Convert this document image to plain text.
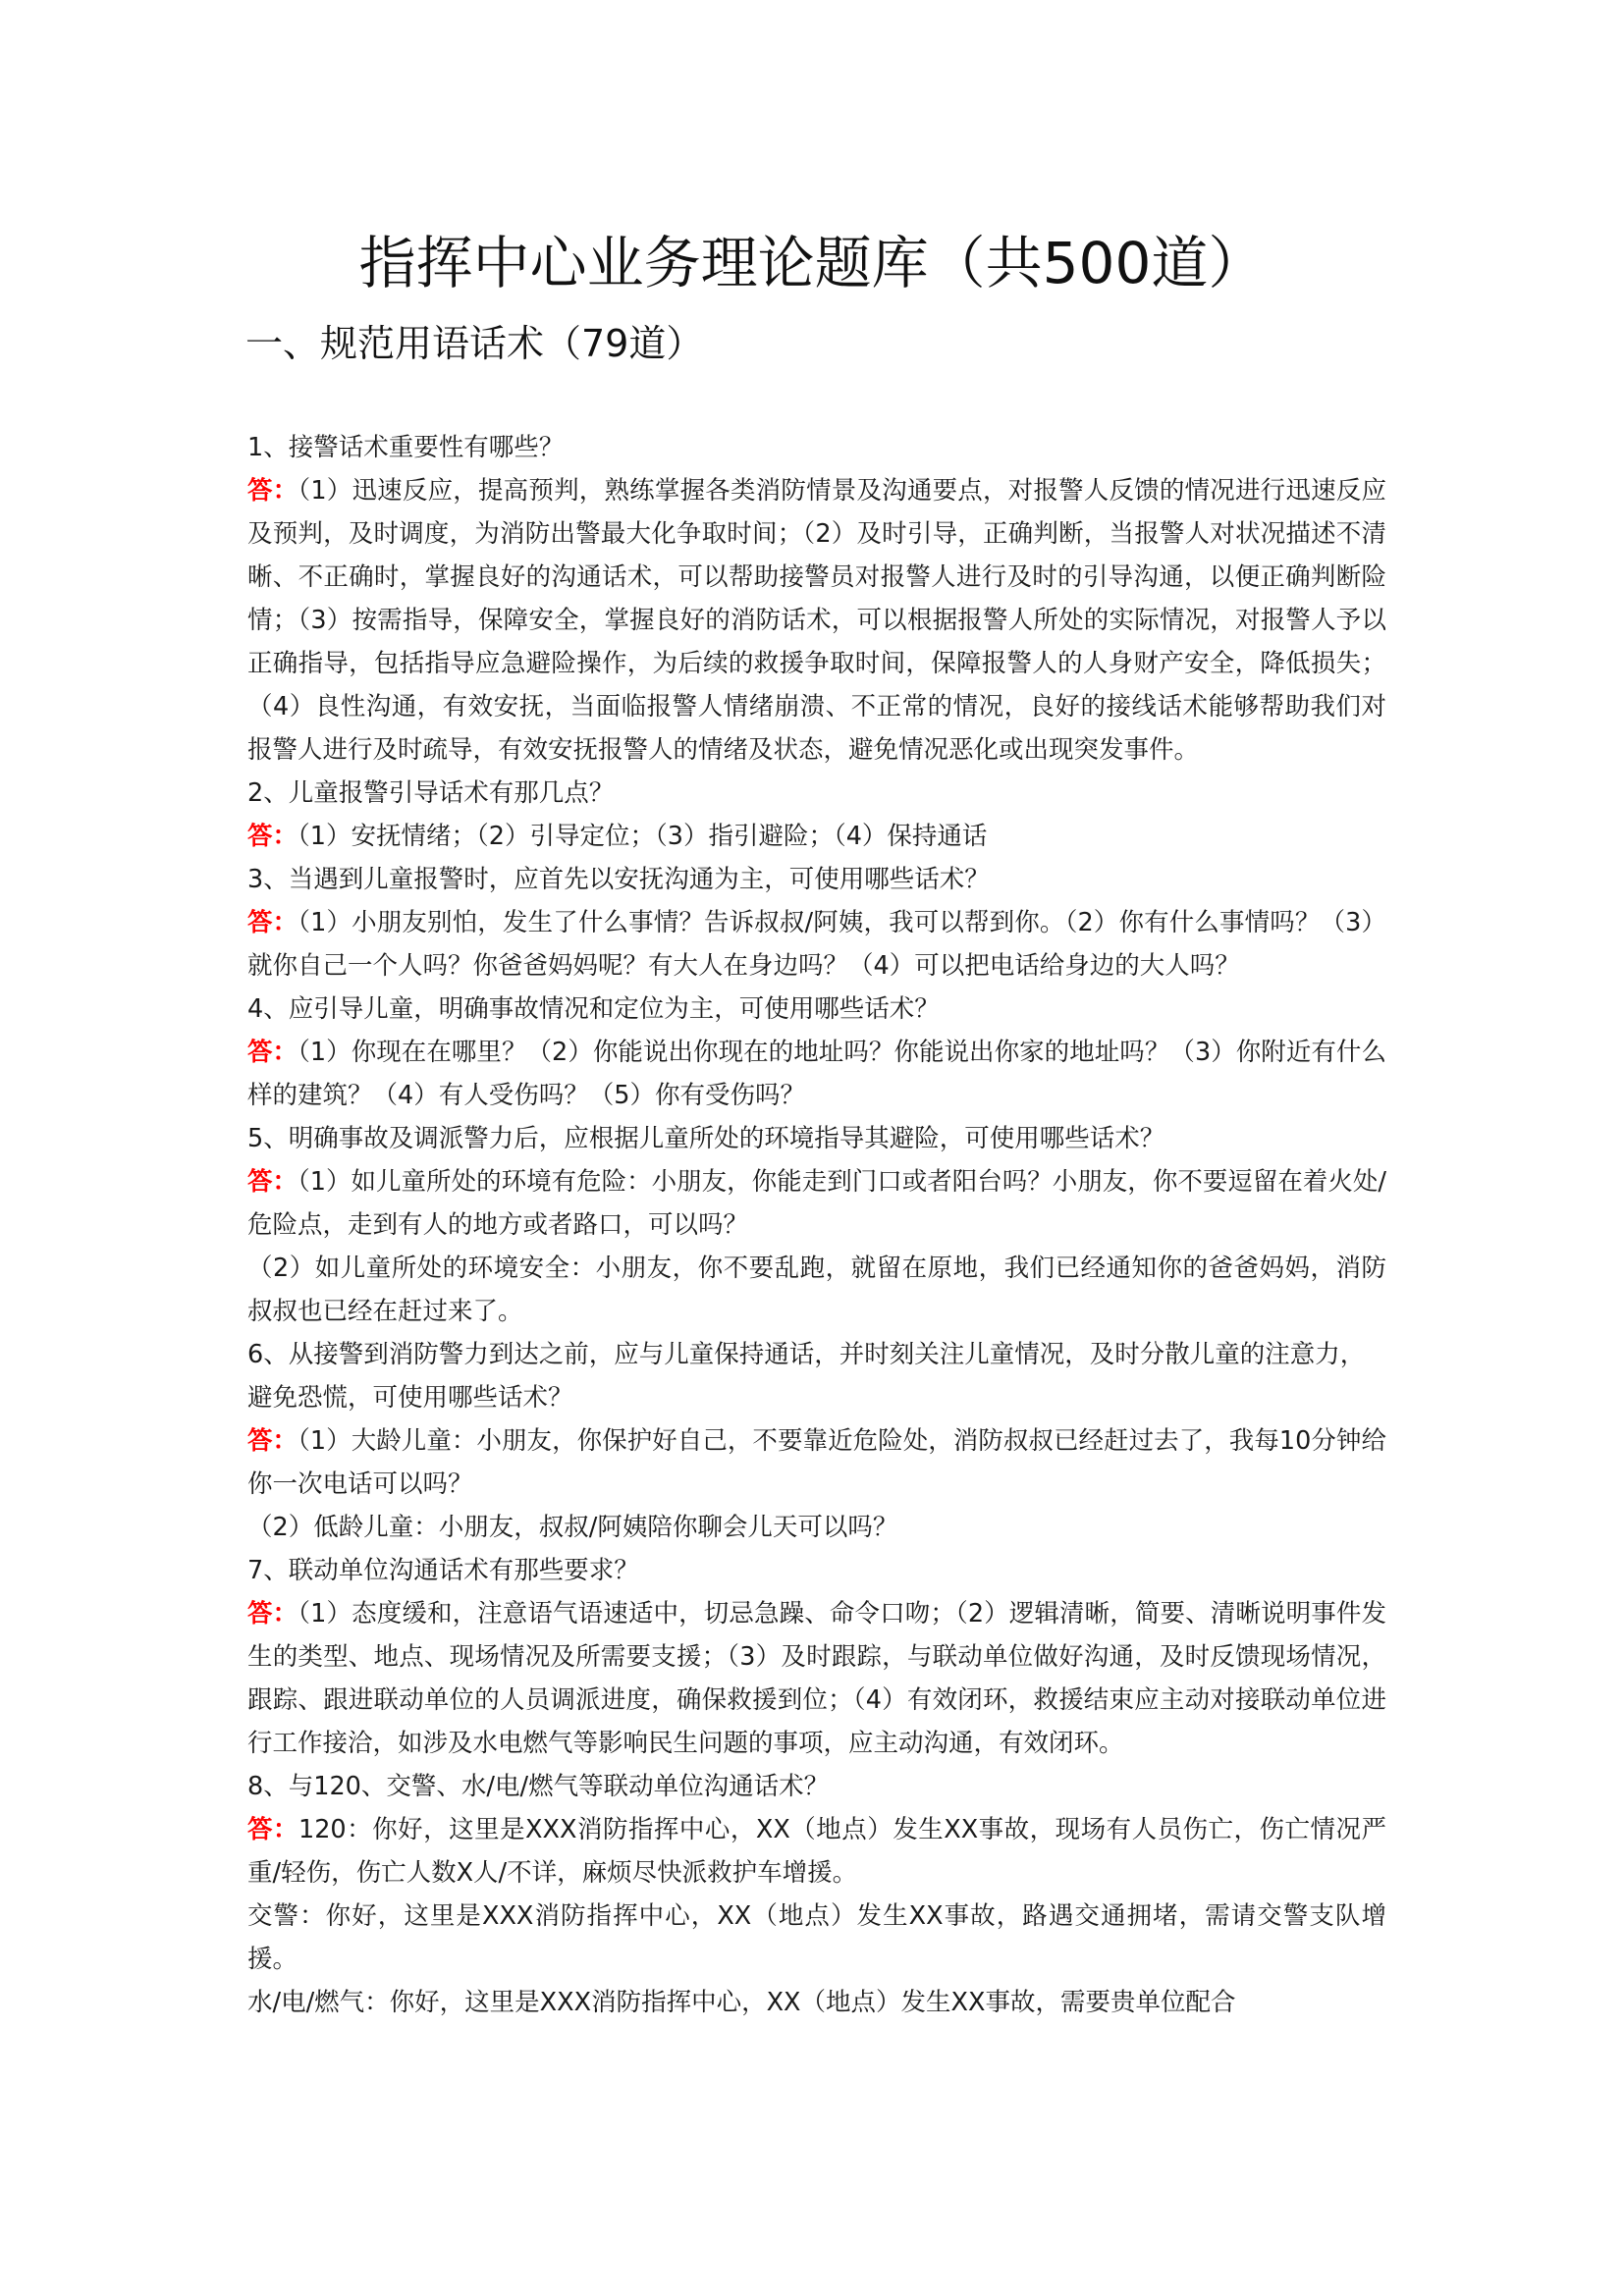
指挥中心业务理论题库（共500道）
一、规范用语话术（79道）
1、接警话术重要性有哪些？
答：（1）迅速反应，提高预判，熟练掌握各类消防情景及沟通要点，对报警人反馈的情况进行迅速反应及预判，及时调度，为消防出警最大化争取时间；（2）及时引导，正确判断，当报警人对状况描述不清晰、不正确时，掌握良好的沟通话术，可以帮助接警员对报警人进行及时的引导沟通，以便正确判断险情；（3）按需指导，保障安全，掌握良好的消防话术，可以根据报警人所处的实际情况，对报警人予以正确指导，包括指导应急避险操作，为后续的救援争取时间，保障报警人的人身财产安全，降低损失；（4）良性沟通，有效安抚，当面临报警人情绪崩溃、不正常的情况，良好的接线话术能够帮助我们对报警人进行及时疏导，有效安抚报警人的情绪及状态，避免情况恶化或出现突发事件。
2、儿童报警引导话术有那几点？
答：（1）安抚情绪；（2）引导定位；（3）指引避险；（4）保持通话
3、当遇到儿童报警时，应首先以安抚沟通为主，可使用哪些话术？
答：（1）小朋友别怕，发生了什么事情？告诉叔叔/阿姨，我可以帮到你。（2）你有什么事情吗？（3）就你自己一个人吗？你爸爸妈妈呢？有大人在身边吗？（4）可以把电话给身边的大人吗？
4、应引导儿童，明确事故情况和定位为主，可使用哪些话术？
答：（1）你现在在哪里？（2）你能说出你现在的地址吗？你能说出你家的地址吗？（3）你附近有什么样的建筑？（4）有人受伤吗？（5）你有受伤吗？
5、明确事故及调派警力后，应根据儿童所处的环境指导其避险，可使用哪些话术？
答：（1）如儿童所处的环境有危险：小朋友，你能走到门口或者阳台吗？小朋友，你不要逗留在着火处/危险点，走到有人的地方或者路口，可以吗？
（2）如儿童所处的环境安全：小朋友，你不要乱跑，就留在原地，我们已经通知你的爸爸妈妈，消防叔叔也已经在赶过来了。
6、从接警到消防警力到达之前，应与儿童保持通话，并时刻关注儿童情况，及时分散儿童的注意力，避免恐慌，可使用哪些话术？
答：（1）大龄儿童：小朋友，你保护好自己，不要靠近危险处，消防叔叔已经赶过去了，我每10分钟给你一次电话可以吗？
（2）低龄儿童：小朋友，叔叔/阿姨陪你聊会儿天可以吗？
7、联动单位沟通话术有那些要求？
答：（1）态度缓和，注意语气语速适中，切忌急躁、命令口吻；（2）逻辑清晰，简要、清晰说明事件发生的类型、地点、现场情况及所需要支援；（3）及时跟踪，与联动单位做好沟通，及时反馈现场情况，跟踪、跟进联动单位的人员调派进度，确保救援到位；（4）有效闭环，救援结束应主动对接联动单位进行工作接洽，如涉及水电燃气等影响民生问题的事项，应主动沟通，有效闭环。
8、与120、交警、水/电/燃气等联动单位沟通话术？
答：120：你好，这里是XXX消防指挥中心，XX（地点）发生XX事故，现场有人员伤亡，伤亡情况严重/轻伤，伤亡人数X人/不详，麻烦尽快派救护车增援。
交警：你好，这里是XXX消防指挥中心，XX（地点）发生XX事故，路遇交通拥堵，需请交警支队增援。
水/电/燃气：你好，这里是XXX消防指挥中心，XX（地点）发生XX事故，需要贵单位配合
